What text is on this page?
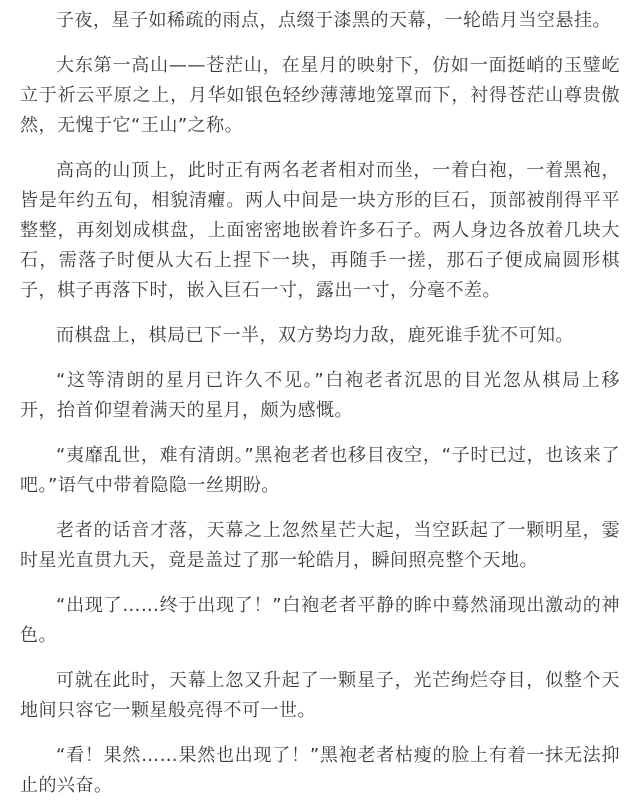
子夜，星子如稀疏的雨点，点缀于漆黑的天幕，一轮皓月当空悬挂。

大东第一高山——苍茫山，在星月的映射下，仿如一面挺峭的玉璧屹立于祈云平原之上，月华如银色轻纱薄薄地笼罩而下，衬得苍茫山尊贵傲然，无愧于它“王山”之称。

高高的山顶上，此时正有两名老者相对而坐，一着白袍，一着黑袍，皆是年约五旬，相貌清癯。两人中间是一块方形的巨石，顶部被削得平平整整，再刻划成棋盘，上面密密地嵌着许多石子。两人身边各放着几块大石，需落子时便从大石上捏下一块，再随手一搓，那石子便成扁圆形棋子，棋子再落下时，嵌入巨石一寸，露出一寸，分毫不差。

而棋盘上，棋局已下一半，双方势均力敌，鹿死谁手犹不可知。

“这等清朗的星月已许久不见。”白袍老者沉思的目光忽从棋局上移开，抬首仰望着满天的星月，颇为感慨。

“夷靡乱世，难有清朗。”黑袍老者也移目夜空，“子时已过，也该来了吧。”语气中带着隐隐一丝期盼。

老者的话音才落，天幕之上忽然星芒大起，当空跃起了一颗明星，霎时星光直贯九天，竟是盖过了那一轮皓月，瞬间照亮整个天地。

“出现了……终于出现了！”白袍老者平静的眸中蓦然涌现出激动的神色。

可就在此时，天幕上忽又升起了一颗星子，光芒绚烂夺目，似整个天地间只容它一颗星般亮得不可一世。

“看！果然……果然也出现了！”黑袍老者枯瘦的脸上有着一抹无法抑止的兴奋。
